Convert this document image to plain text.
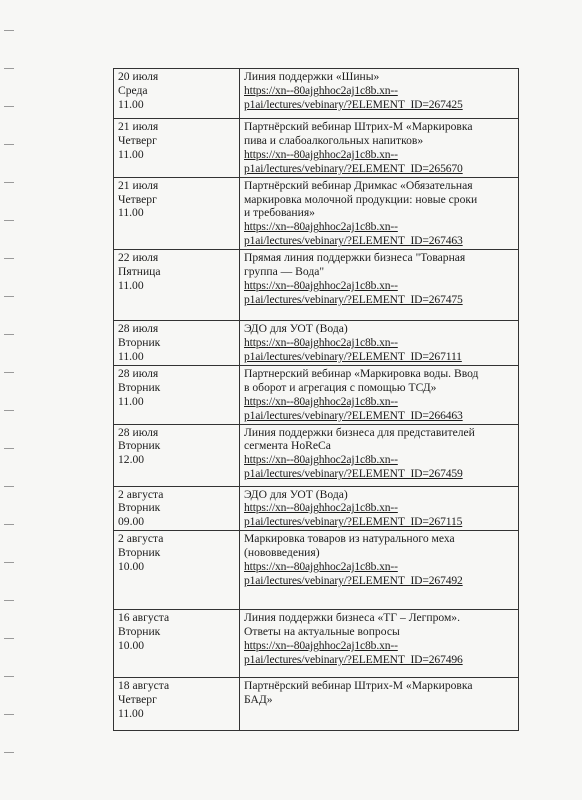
20 июля
Среда
11.00	Линия поддержки «Шины»
https://xn--80ajghhoc2aj1c8b.xn--
p1ai/lectures/vebinary/?ELEMENT_ID=267425

21 июля
Четверг
11.00	Партнёрский вебинар Штрих-М «Маркировка
пива и слабоалкогольных напитков»
https://xn--80ajghhoc2aj1c8b.xn--
p1ai/lectures/vebinary/?ELEMENT_ID=265670

21 июля
Четверг
11.00	Партнёрский вебинар Дримкас «Обязательная
маркировка молочной продукции: новые сроки
и требования»
https://xn--80ajghhoc2aj1c8b.xn--
p1ai/lectures/vebinary/?ELEMENT_ID=267463

22 июля
Пятница
11.00	Прямая линия поддержки бизнеса "Товарная
группа — Вода"
https://xn--80ajghhoc2aj1c8b.xn--
p1ai/lectures/vebinary/?ELEMENT_ID=267475

28 июля
Вторник
11.00	ЭДО для УОТ (Вода)
https://xn--80ajghhoc2aj1c8b.xn--
p1ai/lectures/vebinary/?ELEMENT_ID=267111

28 июля
Вторник
11.00	Партнерский вебинар «Маркировка воды. Ввод
в оборот и агрегация с помощью ТСД»
https://xn--80ajghhoc2aj1c8b.xn--
p1ai/lectures/vebinary/?ELEMENT_ID=266463

28 июля
Вторник
12.00	Линия поддержки бизнеса для представителей
сегмента HoReCa
https://xn--80ajghhoc2aj1c8b.xn--
p1ai/lectures/vebinary/?ELEMENT_ID=267459

2 августа
Вторник
09.00	ЭДО для УОТ (Вода)
https://xn--80ajghhoc2aj1c8b.xn--
p1ai/lectures/vebinary/?ELEMENT_ID=267115

2 августа
Вторник
10.00	Маркировка товаров из натурального меха
(нововведения)
https://xn--80ajghhoc2aj1c8b.xn--
p1ai/lectures/vebinary/?ELEMENT_ID=267492

16 августа
Вторник
10.00	Линия поддержки бизнеса «ТГ – Легпром».
Ответы на актуальные вопросы
https://xn--80ajghhoc2aj1c8b.xn--
p1ai/lectures/vebinary/?ELEMENT_ID=267496

18 августа
Четверг
11.00	Партнёрский вебинар Штрих-М «Маркировка
БАД»
